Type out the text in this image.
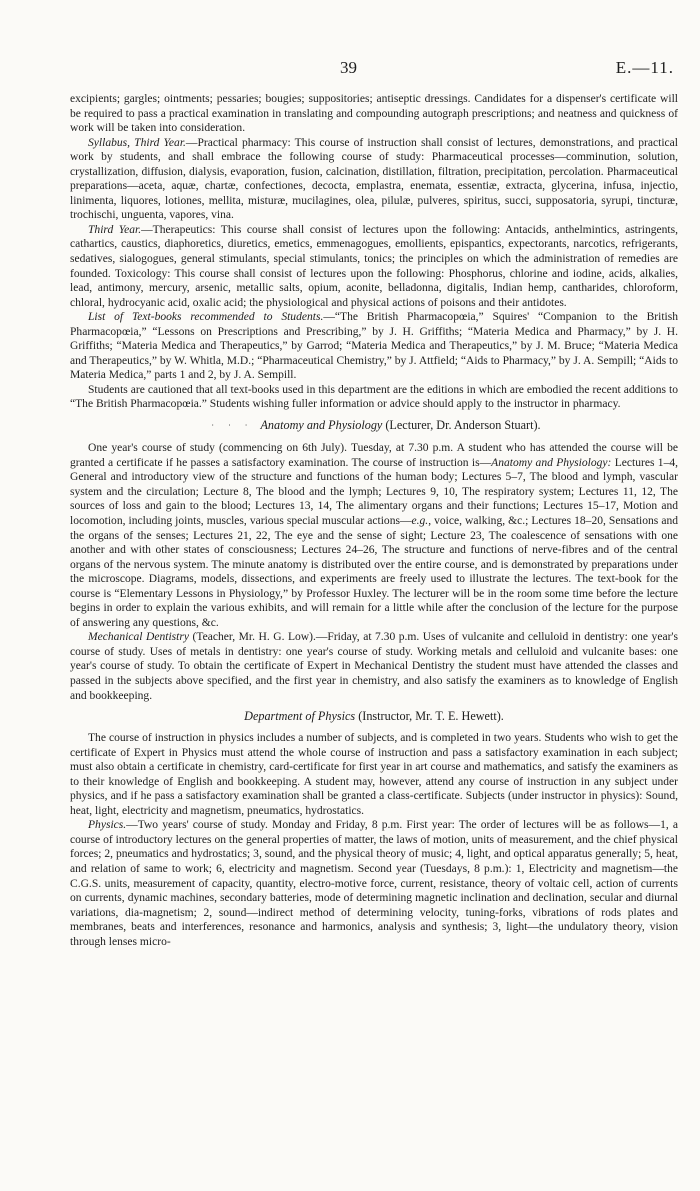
39	E.—11.

excipients; gargles; ointments; pessaries; bougies; suppositories; antiseptic dressings. Candidates for a dispenser's certificate will be required to pass a practical examination in translating and compounding autograph prescriptions; and neatness and quickness of work will be taken into consideration.

Syllabus, Third Year.—Practical pharmacy: This course of instruction shall consist of lectures, demonstrations, and practical work by students, and shall embrace the following course of study: Pharmaceutical processes—comminution, solution, crystallization, diffusion, dialysis, evaporation, fusion, calcination, distillation, filtration, precipitation, percolation. Pharmaceutical preparations—aceta, aquæ, chartæ, confectiones, decocta, emplastra, enemata, essentiæ, extracta, glycerina, infusa, injectio, linimenta, liquores, lotiones, mellita, misturæ, mucilagines, olea, pilulæ, pulveres, spiritus, succi, supposatoria, syrupi, tincturæ, trochischi, unguenta, vapores, vina.

Third Year.—Therapeutics: This course shall consist of lectures upon the following: Antacids, anthelmintics, astringents, cathartics, caustics, diaphoretics, diuretics, emetics, emmenagogues, emollients, epispantics, expectorants, narcotics, refrigerants, sedatives, sialogogues, general stimulants, special stimulants, tonics; the principles on which the administration of remedies are founded. Toxicology: This course shall consist of lectures upon the following: Phosphorus, chlorine and iodine, acids, alkalies, lead, antimony, mercury, arsenic, metallic salts, opium, aconite, belladonna, digitalis, Indian hemp, cantharides, chloroform, chloral, hydrocyanic acid, oxalic acid; the physiological and physical actions of poisons and their antidotes.

List of Text-books recommended to Students.—“The British Pharmacopœia,” Squires' “Companion to the British Pharmacopœia,” “Lessons on Prescriptions and Prescribing,” by J. H. Griffiths; “Materia Medica and Pharmacy,” by J. H. Griffiths; “Materia Medica and Therapeutics,” by Garrod; “Materia Medica and Therapeutics,” by J. M. Bruce; “Materia Medica and Therapeutics,” by W. Whitla, M.D.; “Pharmaceutical Chemistry,” by J. Attfield; “Aids to Pharmacy,” by J. A. Sempill; “Aids to Materia Medica,” parts 1 and 2, by J. A. Sempill.

Students are cautioned that all text-books used in this department are the editions in which are embodied the recent additions to “The British Pharmacopœia.” Students wishing fuller information or advice should apply to the instructor in pharmacy.

· · · Anatomy and Physiology (Lecturer, Dr. Anderson Stuart).

One year's course of study (commencing on 6th July). Tuesday, at 7.30 p.m. A student who has attended the course will be granted a certificate if he passes a satisfactory examination. The course of instruction is—Anatomy and Physiology: Lectures 1–4, General and introductory view of the structure and functions of the human body; Lectures 5–7, The blood and lymph, vascular system and the circulation; Lecture 8, The blood and the lymph; Lectures 9, 10, The respiratory system; Lectures 11, 12, The sources of loss and gain to the blood; Lectures 13, 14, The alimentary organs and their functions; Lectures 15–17, Motion and locomotion, including joints, muscles, various special muscular actions—e.g., voice, walking, &c.; Lectures 18–20, Sensations and the organs of the senses; Lectures 21, 22, The eye and the sense of sight; Lecture 23, The coalescence of sensations with one another and with other states of consciousness; Lectures 24–26, The structure and functions of nerve-fibres and of the central organs of the nervous system. The minute anatomy is distributed over the entire course, and is demonstrated by preparations under the microscope. Diagrams, models, dissections, and experiments are freely used to illustrate the lectures. The text-book for the course is “Elementary Lessons in Physiology,” by Professor Huxley. The lecturer will be in the room some time before the lecture begins in order to explain the various exhibits, and will remain for a little while after the conclusion of the lecture for the purpose of answering any questions, &c.

Mechanical Dentistry (Teacher, Mr. H. G. Low).—Friday, at 7.30 p.m. Uses of vulcanite and celluloid in dentistry: one year's course of study. Uses of metals in dentistry: one year's course of study. Working metals and celluloid and vulcanite bases: one year's course of study. To obtain the certificate of Expert in Mechanical Dentistry the student must have attended the classes and passed in the subjects above specified, and the first year in chemistry, and also satisfy the examiners as to knowledge of English and bookkeeping.

Department of Physics (Instructor, Mr. T. E. Hewett).

The course of instruction in physics includes a number of subjects, and is completed in two years. Students who wish to get the certificate of Expert in Physics must attend the whole course of instruction and pass a satisfactory examination in each subject; must also obtain a certificate in chemistry, card-certificate for first year in art course and mathematics, and satisfy the examiners as to their knowledge of English and bookkeeping. A student may, however, attend any course of instruction in any subject under physics, and if he pass a satisfactory examination shall be granted a class-certificate. Subjects (under instructor in physics): Sound, heat, light, electricity and magnetism, pneumatics, hydrostatics.

Physics.—Two years' course of study. Monday and Friday, 8 p.m. First year: The order of lectures will be as follows—1, a course of introductory lectures on the general properties of matter, the laws of motion, units of measurement, and the chief physical forces; 2, pneumatics and hydrostatics; 3, sound, and the physical theory of music; 4, light, and optical apparatus generally; 5, heat, and relation of same to work; 6, electricity and magnetism. Second year (Tuesdays, 8 p.m.): 1, Electricity and magnetism—the C.G.S. units, measurement of capacity, quantity, electro-motive force, current, resistance, theory of voltaic cell, action of currents on currents, dynamic machines, secondary batteries, mode of determining magnetic inclination and declination, secular and diurnal variations, dia-magnetism; 2, sound—indirect method of determining velocity, tuning-forks, vibrations of rods plates and membranes, beats and interferences, resonance and harmonics, analysis and synthesis; 3, light—the undulatory theory, vision through lenses micro-
